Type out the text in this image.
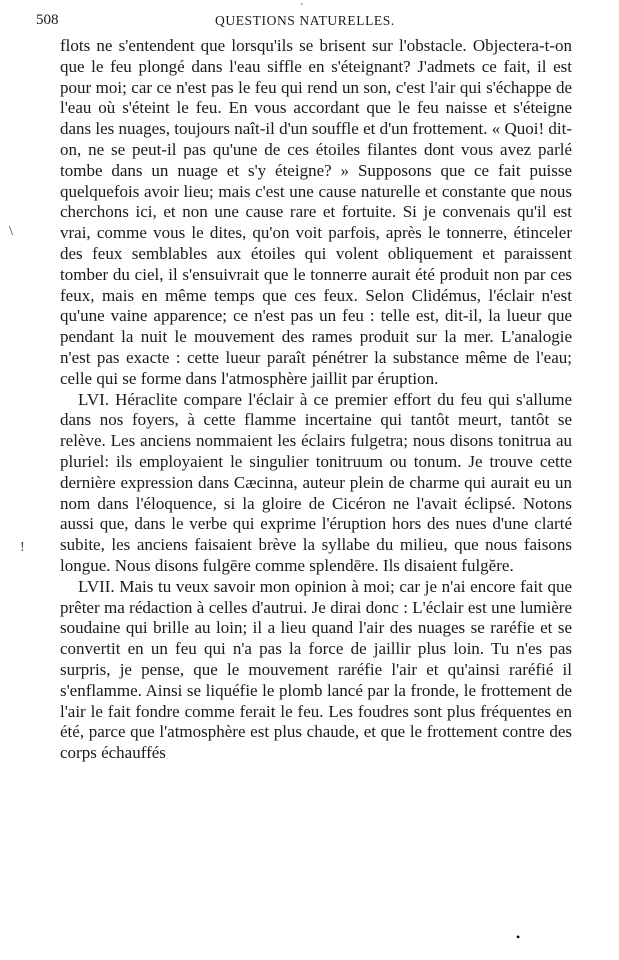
508
`
QUESTIONS NATURELLES.

flots ne s'entendent que lorsqu'ils se brisent sur l'obstacle. Objectera-t-on que le feu plongé dans l'eau siffle en s'éteignant? J'admets ce fait, il est pour moi; car ce n'est pas le feu qui rend un son, c'est l'air qui s'échappe de l'eau où s'éteint le feu. En vous accordant que le feu naisse et s'éteigne dans les nuages, toujours naît-il d'un souffle et d'un frottement. « Quoi! dit-on, ne se peut-il pas qu'une de ces étoiles filantes dont vous avez parlé tombe dans un nuage et s'y éteigne? » Supposons que ce fait puisse quelquefois avoir lieu; mais c'est une cause naturelle et constante que nous cherchons ici, et non une cause rare et fortuite. Si je convenais qu'il est vrai, comme vous le dites, qu'on voit parfois, après le tonnerre, étinceler des feux semblables aux étoiles qui volent obliquement et paraissent tomber du ciel, il s'ensuivrait que le tonnerre aurait été produit non par ces feux, mais en même temps que ces feux. Selon Clidémus, l'éclair n'est qu'une vaine apparence; ce n'est pas un feu : telle est, dit-il, la lueur que pendant la nuit le mouvement des rames produit sur la mer. L'analogie n'est pas exacte : cette lueur paraît pénétrer la substance même de l'eau; celle qui se forme dans l'atmosphère jaillit par éruption.

LVI. Héraclite compare l'éclair à ce premier effort du feu qui s'allume dans nos foyers, à cette flamme incertaine qui tantôt meurt, tantôt se relève. Les anciens nommaient les éclairs fulgetra; nous disons tonitrua au pluriel: ils employaient le singulier tonitruum ou tonum. Je trouve cette dernière expression dans Cæcinna, auteur plein de charme qui aurait eu un nom dans l'éloquence, si la gloire de Cicéron ne l'avait éclipsé. Notons aussi que, dans le verbe qui exprime l'éruption hors des nues d'une clarté subite, les anciens faisaient brève la syllabe du milieu, que nous faisons longue. Nous disons fulgēre comme splendēre. Ils disaient fulgĕre.

LVII. Mais tu veux savoir mon opinion à moi; car je n'ai encore fait que prêter ma rédaction à celles d'autrui. Je dirai donc : L'éclair est une lumière soudaine qui brille au loin; il a lieu quand l'air des nuages se raréfie et se convertit en un feu qui n'a pas la force de jaillir plus loin. Tu n'es pas surpris, je pense, que le mouvement raréfie l'air et qu'ainsi raréfié il s'enflamme. Ainsi se liquéfie le plomb lancé par la fronde, le frottement de l'air le fait fondre comme ferait le feu. Les foudres sont plus fréquentes en été, parce que l'atmosphère est plus chaude, et que le frottement contre des corps échauffés

\
!
•
